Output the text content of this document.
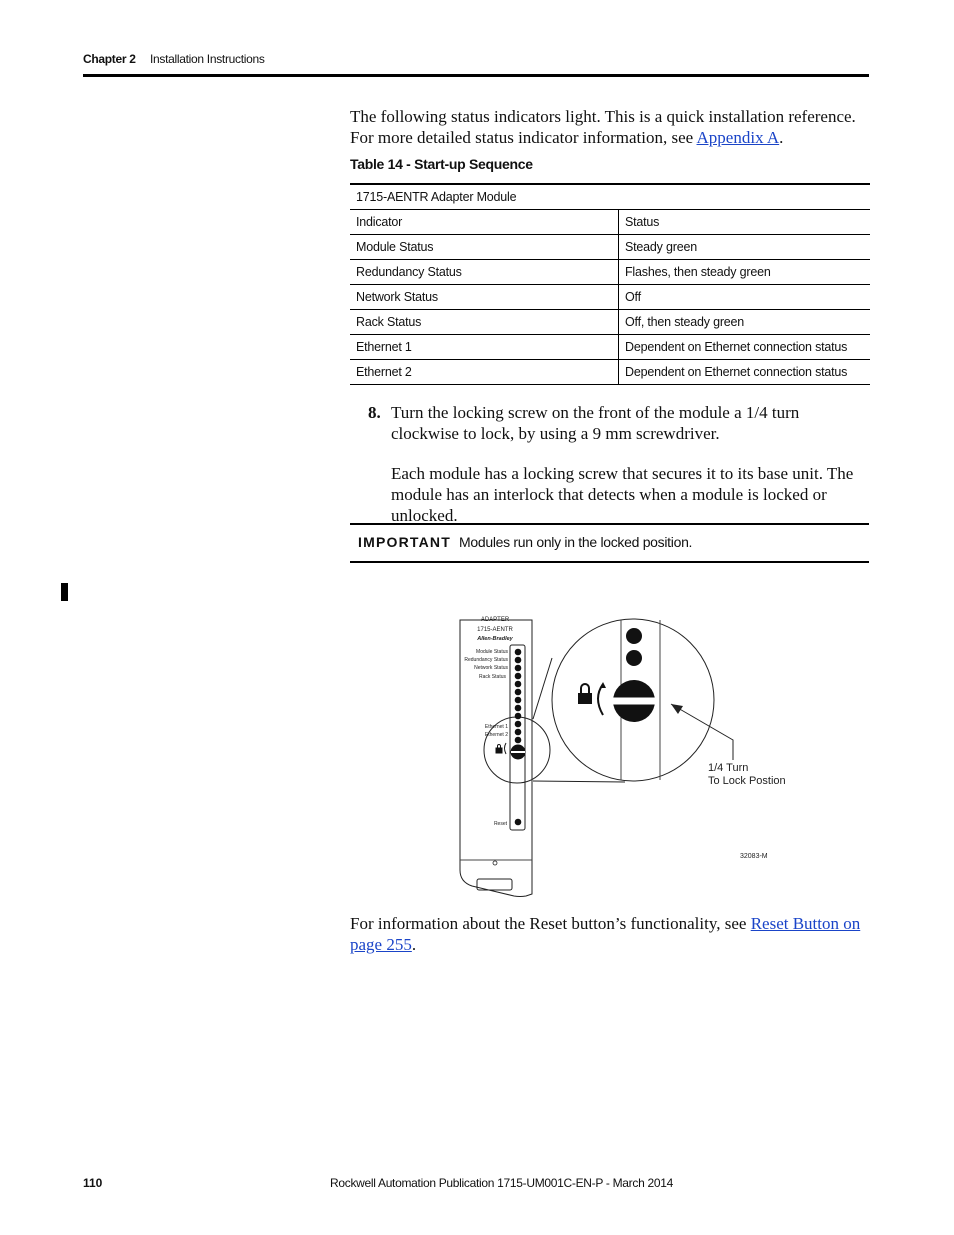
Chapter 2 Installation Instructions
The following status indicators light. This is a quick installation reference. For more detailed status indicator information, see Appendix A.
Table 14 - Start-up Sequence
1715-AENTR Adapter Module	
Indicator	Status
Module Status	Steady green
Redundancy Status	Flashes, then steady green
Network Status	Off
Rack Status	Off, then steady green
Ethernet 1	Dependent on Ethernet connection status
Ethernet 2	Dependent on Ethernet connection status
8. Turn the locking screw on the front of the module a 1/4 turn clockwise to lock, by using a 9 mm screwdriver.
Each module has a locking screw that secures it to its base unit. The module has an interlock that detects when a module is locked or unlocked.
IMPORTANT Modules run only in the locked position.
ADAPTER
1715-AENTR
Allen-Bradley
Module Status
Redundancy Status
Network Status
Rack Status
Ethernet 1
Ethernet 2
Reset
1/4 Turn
To Lock Postion
32083-M
For information about the Reset button’s functionality, see Reset Button on page 255.
110	Rockwell Automation Publication 1715-UM001C-EN-P - March 2014
